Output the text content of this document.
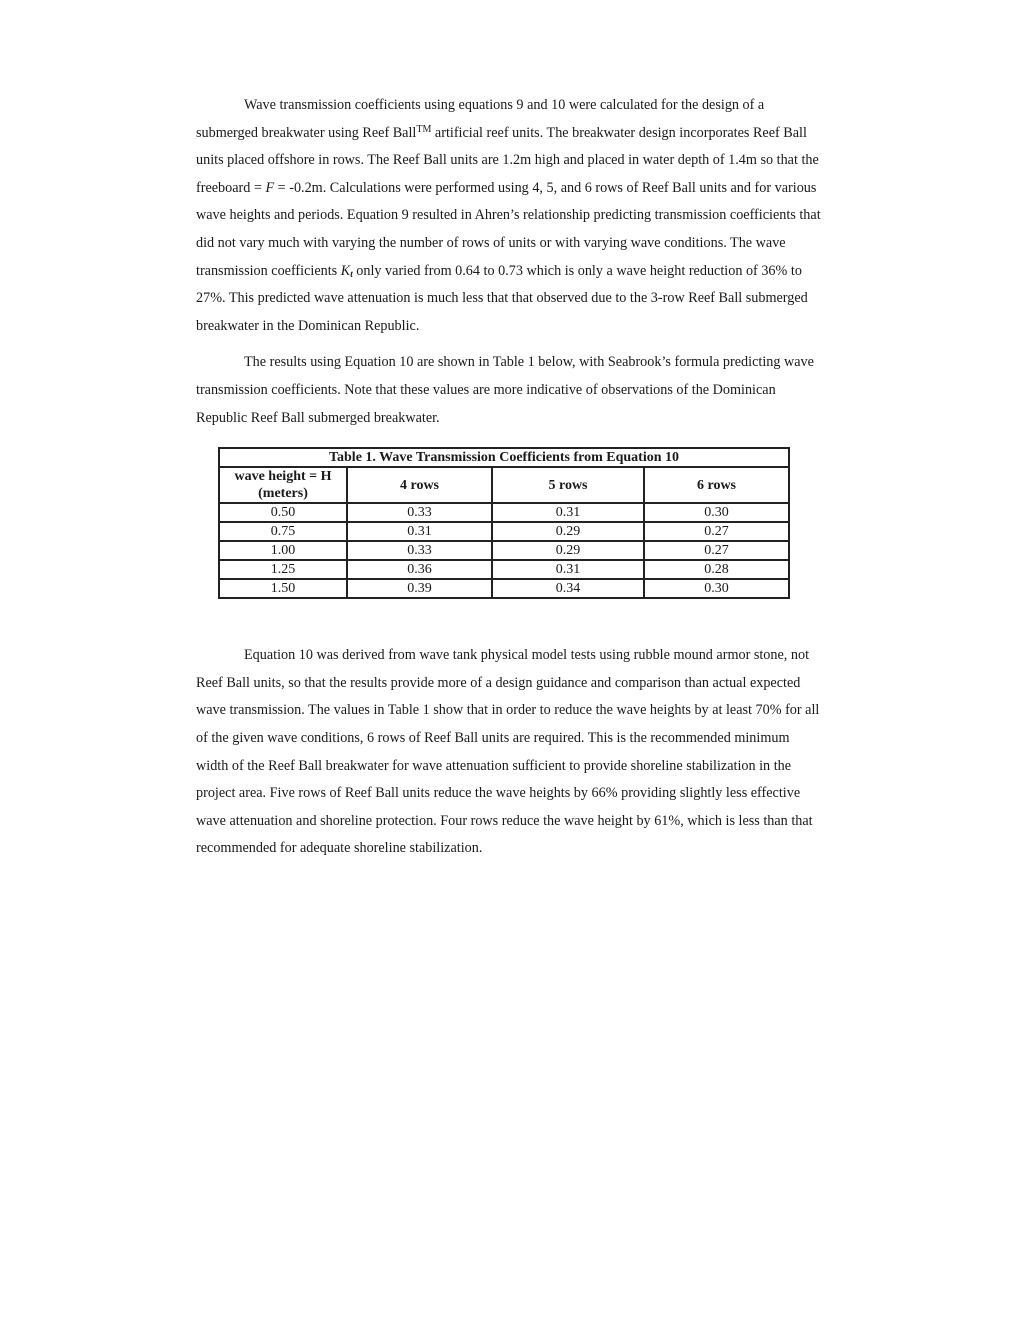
Wave transmission coefficients using equations 9 and 10 were calculated for the design of a submerged breakwater using Reef Ball™ artificial reef units. The breakwater design incorporates Reef Ball units placed offshore in rows. The Reef Ball units are 1.2m high and placed in water depth of 1.4m so that the freeboard = F = -0.2m. Calculations were performed using 4, 5, and 6 rows of Reef Ball units and for various wave heights and periods. Equation 9 resulted in Ahren’s relationship predicting transmission coefficients that did not vary much with varying the number of rows of units or with varying wave conditions. The wave transmission coefficients $K_t$ only varied from 0.64 to 0.73 which is only a wave height reduction of 36% to 27%. This predicted wave attenuation is much less that that observed due to the 3-row Reef Ball submerged breakwater in the Dominican Republic.

The results using Equation 10 are shown in Table 1 below, with Seabrook’s formula predicting wave transmission coefficients. Note that these values are more indicative of observations of the Dominican Republic Reef Ball submerged breakwater.

Table 1. Wave Transmission Coefficients from Equation 10			
wave height = H (meters)	4 rows	5 rows	6 rows
0.50	0.33	0.31	0.30
0.75	0.31	0.29	0.27
1.00	0.33	0.29	0.27
1.25	0.36	0.31	0.28
1.50	0.39	0.34	0.30

Equation 10 was derived from wave tank physical model tests using rubble mound armor stone, not Reef Ball units, so that the results provide more of a design guidance and comparison than actual expected wave transmission. The values in Table 1 show that in order to reduce the wave heights by at least 70% for all of the given wave conditions, 6 rows of Reef Ball units are required. This is the recommended minimum width of the Reef Ball breakwater for wave attenuation sufficient to provide shoreline stabilization in the project area. Five rows of Reef Ball units reduce the wave heights by 66% providing slightly less effective wave attenuation and shoreline protection. Four rows reduce the wave height by 61%, which is less than that recommended for adequate shoreline stabilization.
